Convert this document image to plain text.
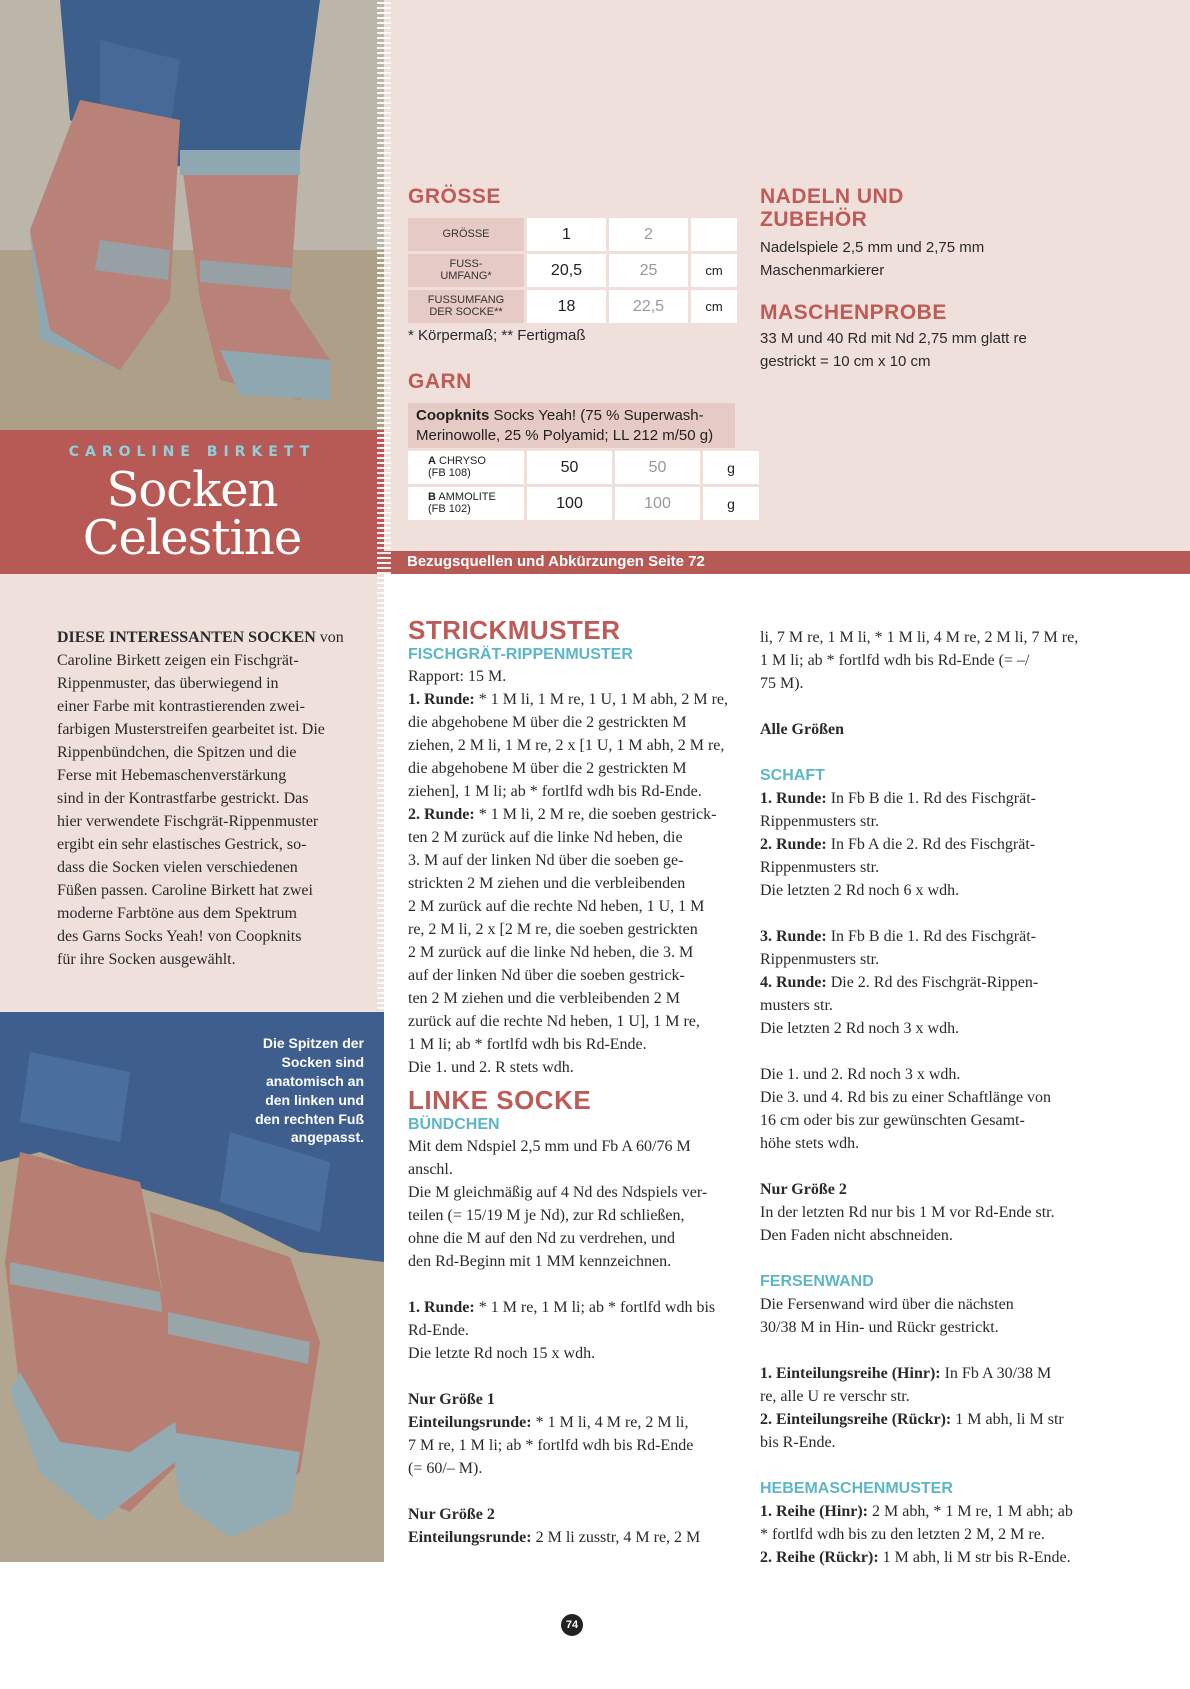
CAROLINE BIRKETT
Socken
Celestine	Bezugsquellen und Abkürzungen Seite 72
GRÖSSE
GRÖSSE	1	2	
FUSS-
UMFANG*	20,5	25	cm
FUSSUMFANG
DER SOCKE**	18	22,5	cm
* Körpermaß; ** Fertigmaß
GARN
Coopknits Socks Yeah! (75 % Superwash-Merinowolle, 25 % Polyamid; LL 212 m/50 g)
A CHRYSO
(FB 108)	50	50	g
B AMMOLITE
(FB 102)	100	100	g
NADELN UND
ZUBEHÖR
Nadelspiele 2,5 mm und 2,75 mm
Maschenmarkierer
MASCHENPROBE
33 M und 40 Rd mit Nd 2,75 mm glatt re
gestrickt = 10 cm x 10 cm
DIESE INTERESSANTEN SOCKEN von
Caroline Birkett zeigen ein Fischgrät-
Rippenmuster, das überwiegend in
einer Farbe mit kontrastierenden zwei-
farbigen Musterstreifen gearbeitet ist. Die
Rippenbündchen, die Spitzen und die
Ferse mit Hebemaschenverstärkung
sind in der Kontrastfarbe gestrickt. Das
hier verwendete Fischgrät-Rippenmuster
ergibt ein sehr elastisches Gestrick, so-
dass die Socken vielen verschiedenen
Füßen passen. Caroline Birkett hat zwei
moderne Farbtöne aus dem Spektrum
des Garns Socks Yeah! von Coopknits
für ihre Socken ausgewählt.
Die Spitzen der Socken sind anatomisch an den linken und den rechten Fuß angepasst.
STRICKMUSTER
FISCHGRÄT-RIPPENMUSTER
Rapport: 15 M.
1. Runde: * 1 M li, 1 M re, 1 U, 1 M abh, 2 M re,
die abgehobene M über die 2 gestrickten M
ziehen, 2 M li, 1 M re, 2 x [1 U, 1 M abh, 2 M re,
die abgehobene M über die 2 gestrickten M
ziehen], 1 M li; ab * fortlfd wdh bis Rd-Ende.
2. Runde: * 1 M li, 2 M re, die soeben gestrick-
ten 2 M zurück auf die linke Nd heben, die
3. M auf der linken Nd über die soeben ge-
strickten 2 M ziehen und die verbleibenden
2 M zurück auf die rechte Nd heben, 1 U, 1 M
re, 2 M li, 2 x [2 M re, die soeben gestrickten
2 M zurück auf die linke Nd heben, die 3. M
auf der linken Nd über die soeben gestrick-
ten 2 M ziehen und die verbleibenden 2 M
zurück auf die rechte Nd heben, 1 U], 1 M re,
1 M li; ab * fortlfd wdh bis Rd-Ende.
Die 1. und 2. R stets wdh.
LINKE SOCKE
BÜNDCHEN
Mit dem Ndspiel 2,5 mm und Fb A 60/76 M
anschl.
Die M gleichmäßig auf 4 Nd des Ndspiels ver-
teilen (= 15/19 M je Nd), zur Rd schließen,
ohne die M auf den Nd zu verdrehen, und
den Rd-Beginn mit 1 MM kennzeichnen.
1. Runde: * 1 M re, 1 M li; ab * fortlfd wdh bis
Rd-Ende.
Die letzte Rd noch 15 x wdh.
Nur Größe 1
Einteilungsrunde: * 1 M li, 4 M re, 2 M li,
7 M re, 1 M li; ab * fortlfd wdh bis Rd-Ende
(= 60/– M).
Nur Größe 2
Einteilungsrunde: 2 M li zusstr, 4 M re, 2 M
li, 7 M re, 1 M li, * 1 M li, 4 M re, 2 M li, 7 M re,
1 M li; ab * fortlfd wdh bis Rd-Ende (= –/
75 M).
Alle Größen
SCHAFT
1. Runde: In Fb B die 1. Rd des Fischgrät-
Rippenmusters str.
2. Runde: In Fb A die 2. Rd des Fischgrät-
Rippenmusters str.
Die letzten 2 Rd noch 6 x wdh.
3. Runde: In Fb B die 1. Rd des Fischgrät-
Rippenmusters str.
4. Runde: Die 2. Rd des Fischgrät-Rippen-
musters str.
Die letzten 2 Rd noch 3 x wdh.
Die 1. und 2. Rd noch 3 x wdh.
Die 3. und 4. Rd bis zu einer Schaftlänge von
16 cm oder bis zur gewünschten Gesamt-
höhe stets wdh.
Nur Größe 2
In der letzten Rd nur bis 1 M vor Rd-Ende str.
Den Faden nicht abschneiden.
FERSENWAND
Die Fersenwand wird über die nächsten
30/38 M in Hin- und Rückr gestrickt.
1. Einteilungsreihe (Hinr): In Fb A 30/38 M
re, alle U re verschr str.
2. Einteilungsreihe (Rückr): 1 M abh, li M str
bis R-Ende.
HEBEMASCHENMUSTER
1. Reihe (Hinr): 2 M abh, * 1 M re, 1 M abh; ab
* fortlfd wdh bis zu den letzten 2 M, 2 M re.
2. Reihe (Rückr): 1 M abh, li M str bis R-Ende.
74
